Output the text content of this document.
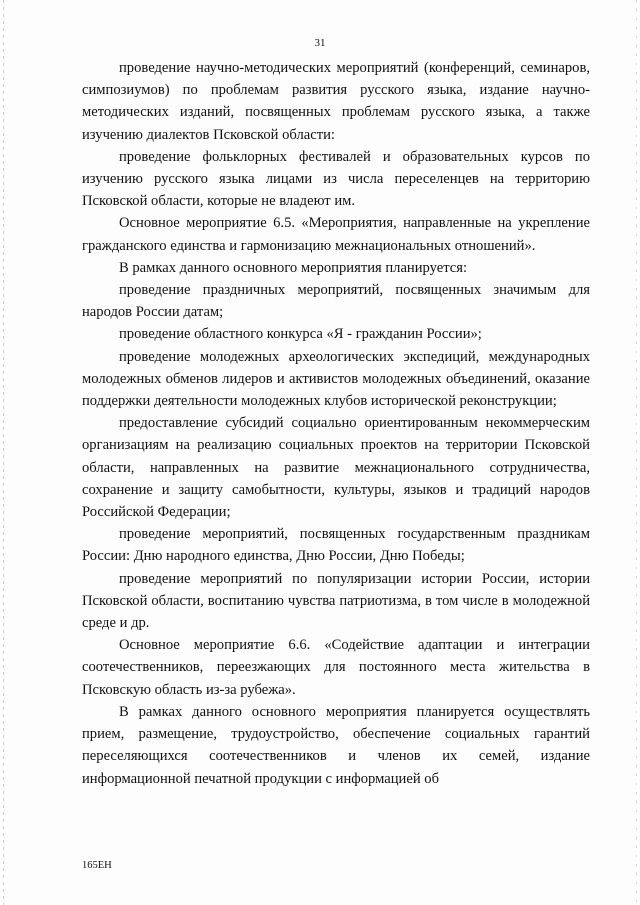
31

проведение научно-методических мероприятий (конференций, семинаров, симпозиумов) по проблемам развития русского языка, издание научно-методических изданий, посвященных проблемам русского языка, а также изучению диалектов Псковской области:

проведение фольклорных фестивалей и образовательных курсов по изучению русского языка лицами из числа переселенцев на территорию Псковской области, которые не владеют им.

Основное мероприятие 6.5. «Мероприятия, направленные на укрепление гражданского единства и гармонизацию межнациональных отношений».

В рамках данного основного мероприятия планируется:

проведение праздничных мероприятий, посвященных значимым для народов России датам;

проведение областного конкурса «Я - гражданин России»;

проведение молодежных археологических экспедиций, международных молодежных обменов лидеров и активистов молодежных объединений, оказание поддержки деятельности молодежных клубов исторической реконструкции;

предоставление субсидий социально ориентированным некоммерческим организациям на реализацию социальных проектов на территории Псковской области, направленных на развитие межнационального сотрудничества, сохранение и защиту самобытности, культуры, языков и традиций народов Российской Федерации;

проведение мероприятий, посвященных государственным праздникам России: Дню народного единства, Дню России, Дню Победы;

проведение мероприятий по популяризации истории России, истории Псковской области, воспитанию чувства патриотизма, в том числе в молодежной среде и др.

Основное мероприятие 6.6. «Содействие адаптации и интеграции соотечественников, переезжающих для постоянного места жительства в Псковскую область из-за рубежа».

В рамках данного основного мероприятия планируется осуществлять прием, размещение, трудоустройство, обеспечение социальных гарантий переселяющихся соотечественников и членов их семей, издание информационной печатной продукции с информацией об

165ЕН
